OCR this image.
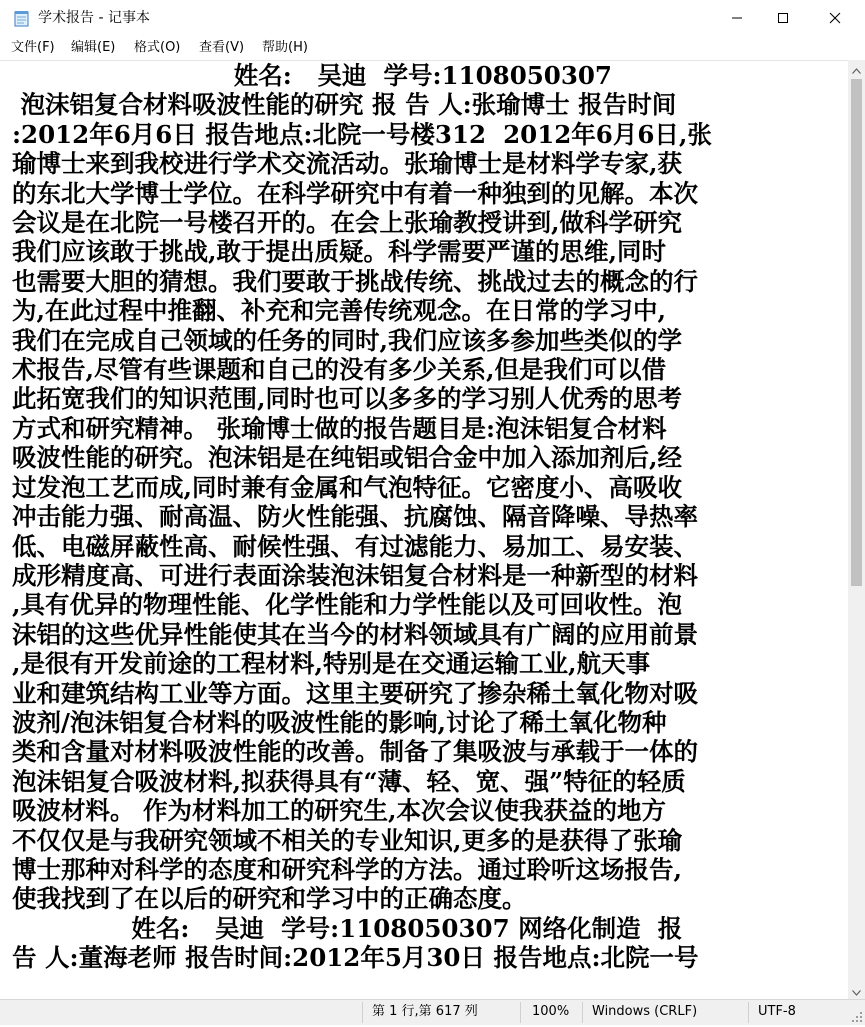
学术报告 - 记事本
文件(F) 编辑(E) 格式(O) 查看(V) 帮助(H)
姓名:   吴迪  学号:1108050307
泡沫铝复合材料吸波性能的研究 报 告 人:张瑜博士 报告时间
:2012年6月6日 报告地点:北院一号楼312  2012年6月6日,张
瑜博士来到我校进行学术交流活动。张瑜博士是材料学专家,获
的东北大学博士学位。在科学研究中有着一种独到的见解。本次
会议是在北院一号楼召开的。在会上张瑜教授讲到,做科学研究
我们应该敢于挑战,敢于提出质疑。科学需要严谨的思维,同时
也需要大胆的猜想。我们要敢于挑战传统、挑战过去的概念的行
为,在此过程中推翻、补充和完善传统观念。在日常的学习中,
我们在完成自己领域的任务的同时,我们应该多参加些类似的学
术报告,尽管有些课题和自己的没有多少关系,但是我们可以借
此拓宽我们的知识范围,同时也可以多多的学习别人优秀的思考
方式和研究精神。 张瑜博士做的报告题目是:泡沫铝复合材料
吸波性能的研究。泡沫铝是在纯铝或铝合金中加入添加剂后,经
过发泡工艺而成,同时兼有金属和气泡特征。它密度小、高吸收
冲击能力强、耐高温、防火性能强、抗腐蚀、隔音降噪、导热率
低、电磁屏蔽性高、耐候性强、有过滤能力、易加工、易安装、
成形精度高、可进行表面涂装泡沫铝复合材料是一种新型的材料
,具有优异的物理性能、化学性能和力学性能以及可回收性。泡
沫铝的这些优异性能使其在当今的材料领域具有广阔的应用前景
,是很有开发前途的工程材料,特别是在交通运输工业,航天事
业和建筑结构工业等方面。这里主要研究了掺杂稀土氧化物对吸
波剂/泡沫铝复合材料的吸波性能的影响,讨论了稀土氧化物种
类和含量对材料吸波性能的改善。制备了集吸波与承载于一体的
泡沫铝复合吸波材料,拟获得具有“薄、轻、宽、强”特征的轻质
吸波材料。 作为材料加工的研究生,本次会议使我获益的地方
不仅仅是与我研究领域不相关的专业知识,更多的是获得了张瑜
博士那种对科学的态度和研究科学的方法。通过聆听这场报告,
使我找到了在以后的研究和学习中的正确态度。
姓名:   吴迪  学号:1108050307 网络化制造  报
告 人:董海老师 报告时间:2012年5月30日 报告地点:北院一号
第 1 行,第 617 列	100% Windows (CRLF)	UTF-8
